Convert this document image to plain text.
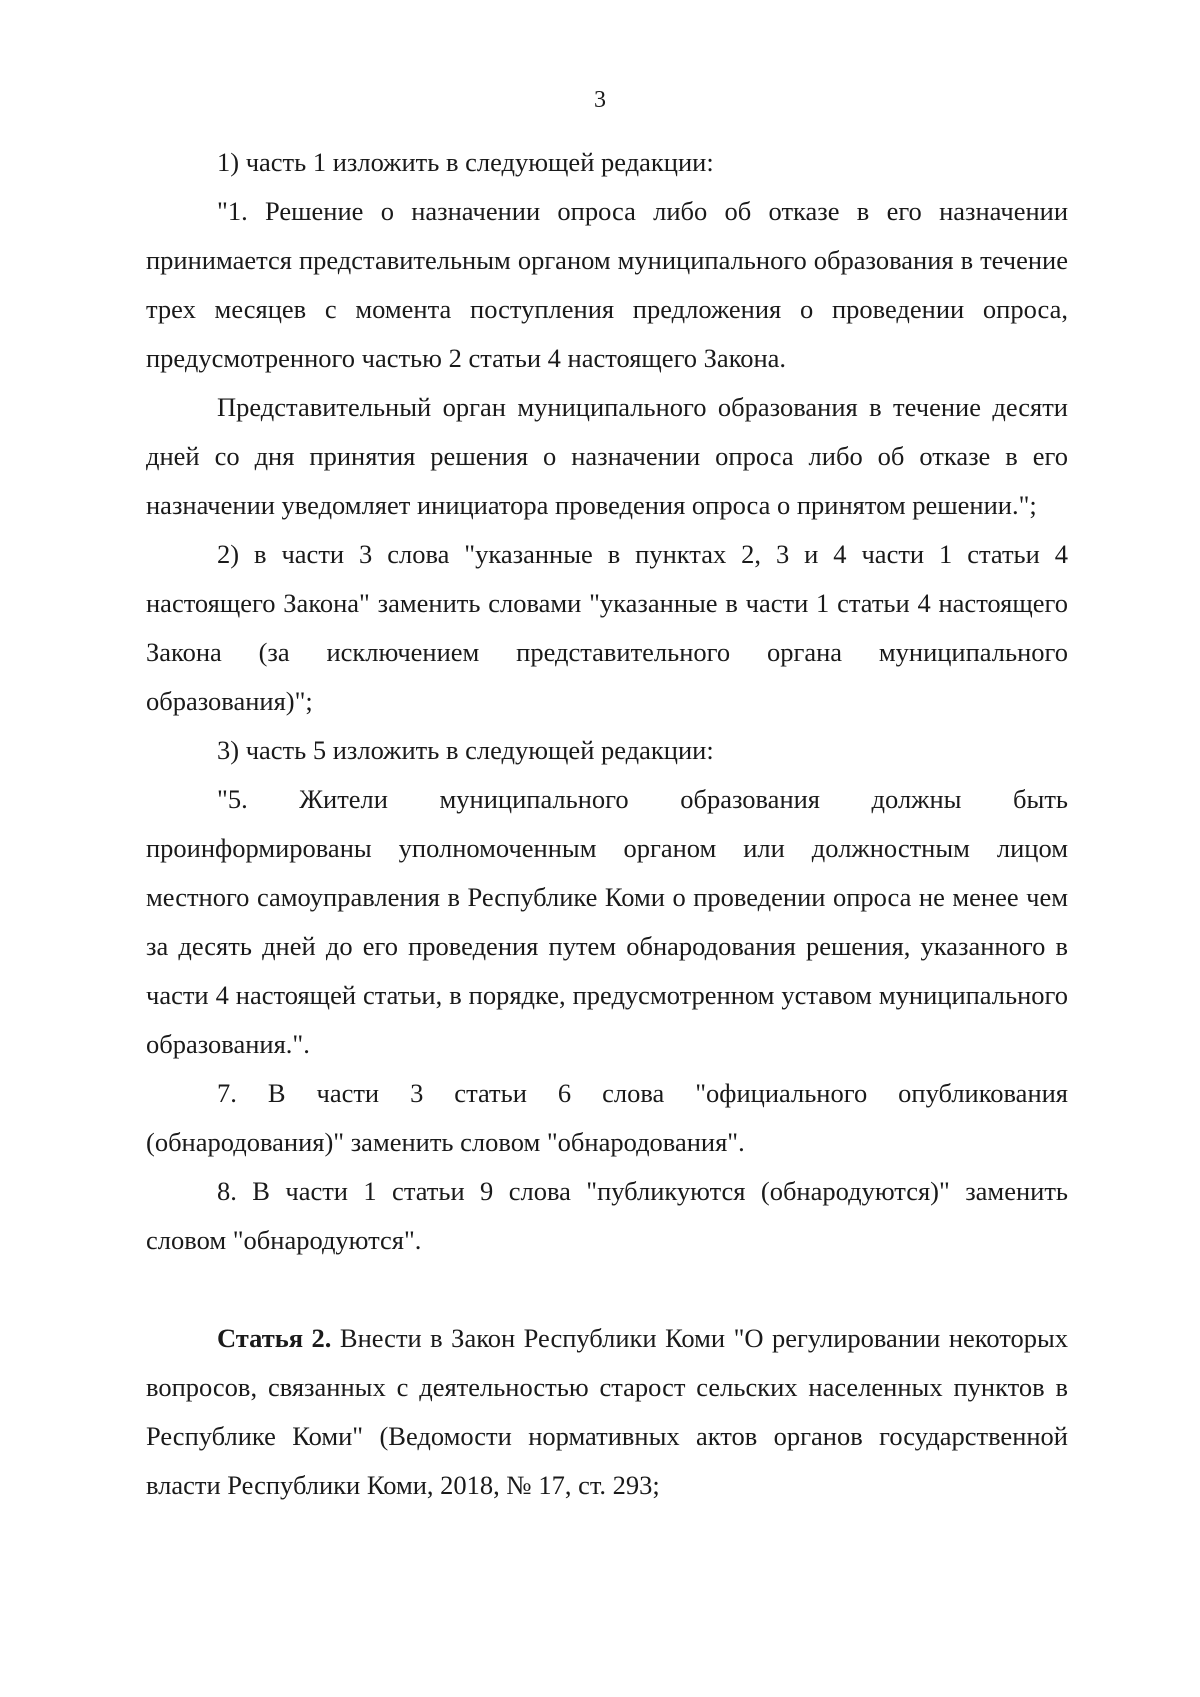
3

1) часть 1 изложить в следующей редакции:

"1. Решение о назначении опроса либо об отказе в его назначении принимается представительным органом муниципального образования в течение трех месяцев с момента поступления предложения о проведении опроса, предусмотренного частью 2 статьи 4 настоящего Закона.

Представительный орган муниципального образования в течение десяти дней со дня принятия решения о назначении опроса либо об отказе в его назначении уведомляет инициатора проведения опроса о принятом решении.";

2) в части 3 слова "указанные в пунктах 2, 3 и 4 части 1 статьи 4 настоящего Закона" заменить словами "указанные в части 1 статьи 4 настоящего Закона (за исключением представительного органа муниципального образования)";

3) часть 5 изложить в следующей редакции:

"5. Жители муниципального образования должны быть проинформированы уполномоченным органом или должностным лицом местного самоуправления в Республике Коми о проведении опроса не менее чем за десять дней до его проведения путем обнародования решения, указанного в части 4 настоящей статьи, в порядке, предусмотренном уставом муниципального образования.".

7. В части 3 статьи 6 слова "официального опубликования (обнародования)" заменить словом "обнародования".

8. В части 1 статьи 9 слова "публикуются (обнародуются)" заменить словом "обнародуются".

Статья 2. Внести в Закон Республики Коми "О регулировании некоторых вопросов, связанных с деятельностью старост сельских населенных пунктов в Республике Коми" (Ведомости нормативных актов органов государственной власти Республики Коми, 2018, № 17, ст. 293;
